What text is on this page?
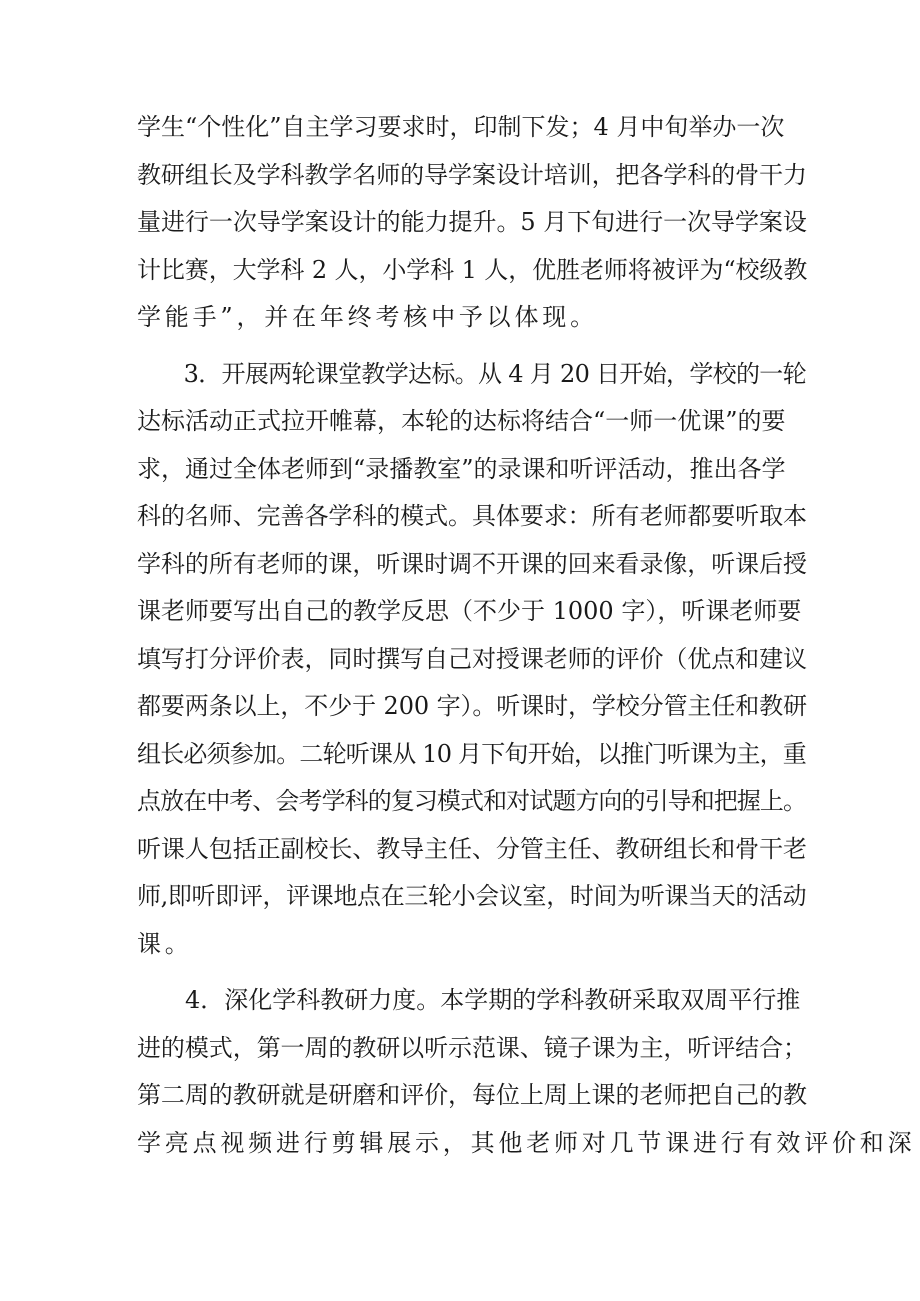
学生“个性化”自主学习要求时，印制下发；4 月中旬举办一次
教研组长及学科教学名师的导学案设计培训，把各学科的骨干力
量进行一次导学案设计的能力提升。5 月下旬进行一次导学案设
计比赛，大学科 2 人，小学科 1 人，优胜老师将被评为“校级教
学能手”，并在年终考核中予以体现。
　　3．开展两轮课堂教学达标。从 4 月 20 日开始，学校的一轮
达标活动正式拉开帷幕，本轮的达标将结合“一师一优课”的要
求，通过全体老师到“录播教室”的录课和听评活动，推出各学
科的名师、完善各学科的模式。具体要求：所有老师都要听取本
学科的所有老师的课，听课时调不开课的回来看录像，听课后授
课老师要写出自己的教学反思（不少于 1000 字），听课老师要
填写打分评价表，同时撰写自己对授课老师的评价（优点和建议
都要两条以上，不少于 200 字）。听课时，学校分管主任和教研
组长必须参加。二轮听课从 10 月下旬开始，以推门听课为主，重
点放在中考、会考学科的复习模式和对试题方向的引导和把握上。
听课人包括正副校长、教导主任、分管主任、教研组长和骨干老
师,即听即评，评课地点在三轮小会议室，时间为听课当天的活动
课。
　　4．深化学科教研力度。本学期的学科教研采取双周平行推
进的模式，第一周的教研以听示范课、镜子课为主，听评结合；
第二周的教研就是研磨和评价，每位上周上课的老师把自己的教
学亮点视频进行剪辑展示，其他老师对几节课进行有效评价和深
